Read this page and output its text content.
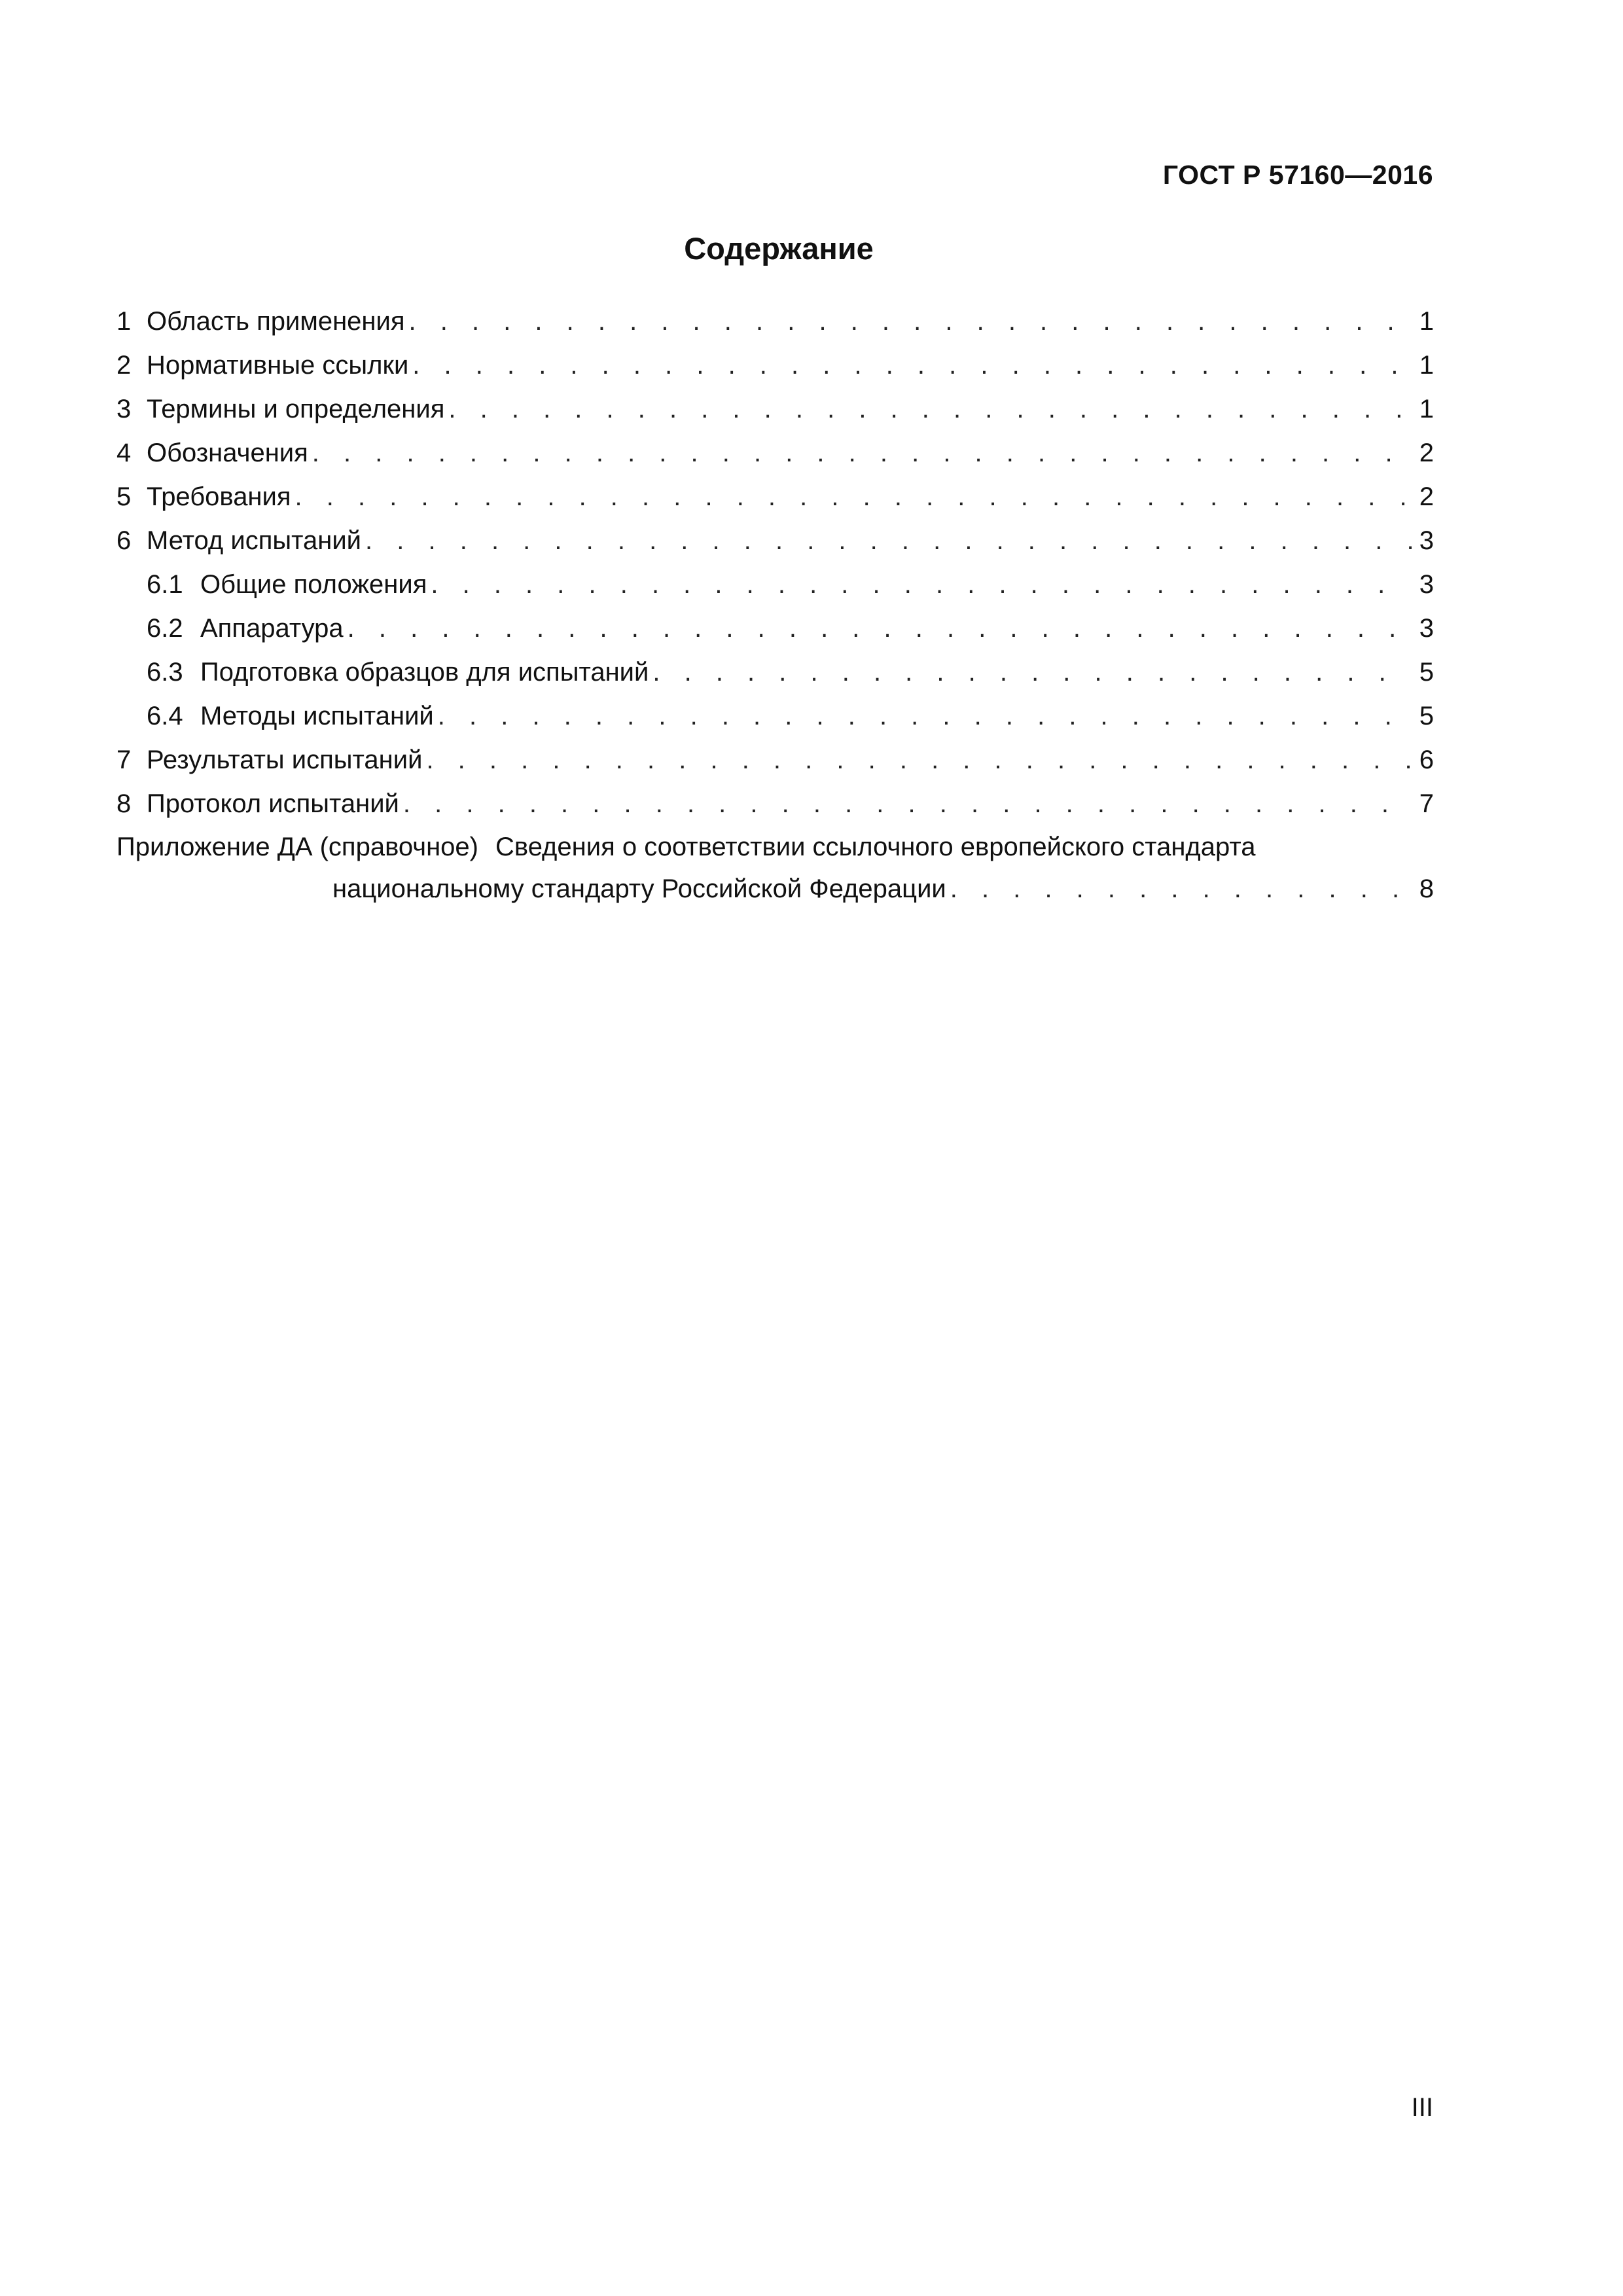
ГОСТ Р 57160—2016
Содержание
1 Область применения . . .	1
2 Нормативные ссылки . . .	1
3 Термины и определения . . .	1
4 Обозначения . . .	2
5 Требования . . .	2
6 Метод испытаний . . .	3
6.1 Общие положения . . .	3
6.2 Аппаратура . . .	3
6.3 Подготовка образцов для испытаний . . .	5
6.4 Методы испытаний . . .	5
7 Результаты испытаний . . .	6
8 Протокол испытаний . . .	7
Приложение ДА (справочное) Сведения о соответствии ссылочного европейского стандарта
национальному стандарту Российской Федерации . . .	8
III
